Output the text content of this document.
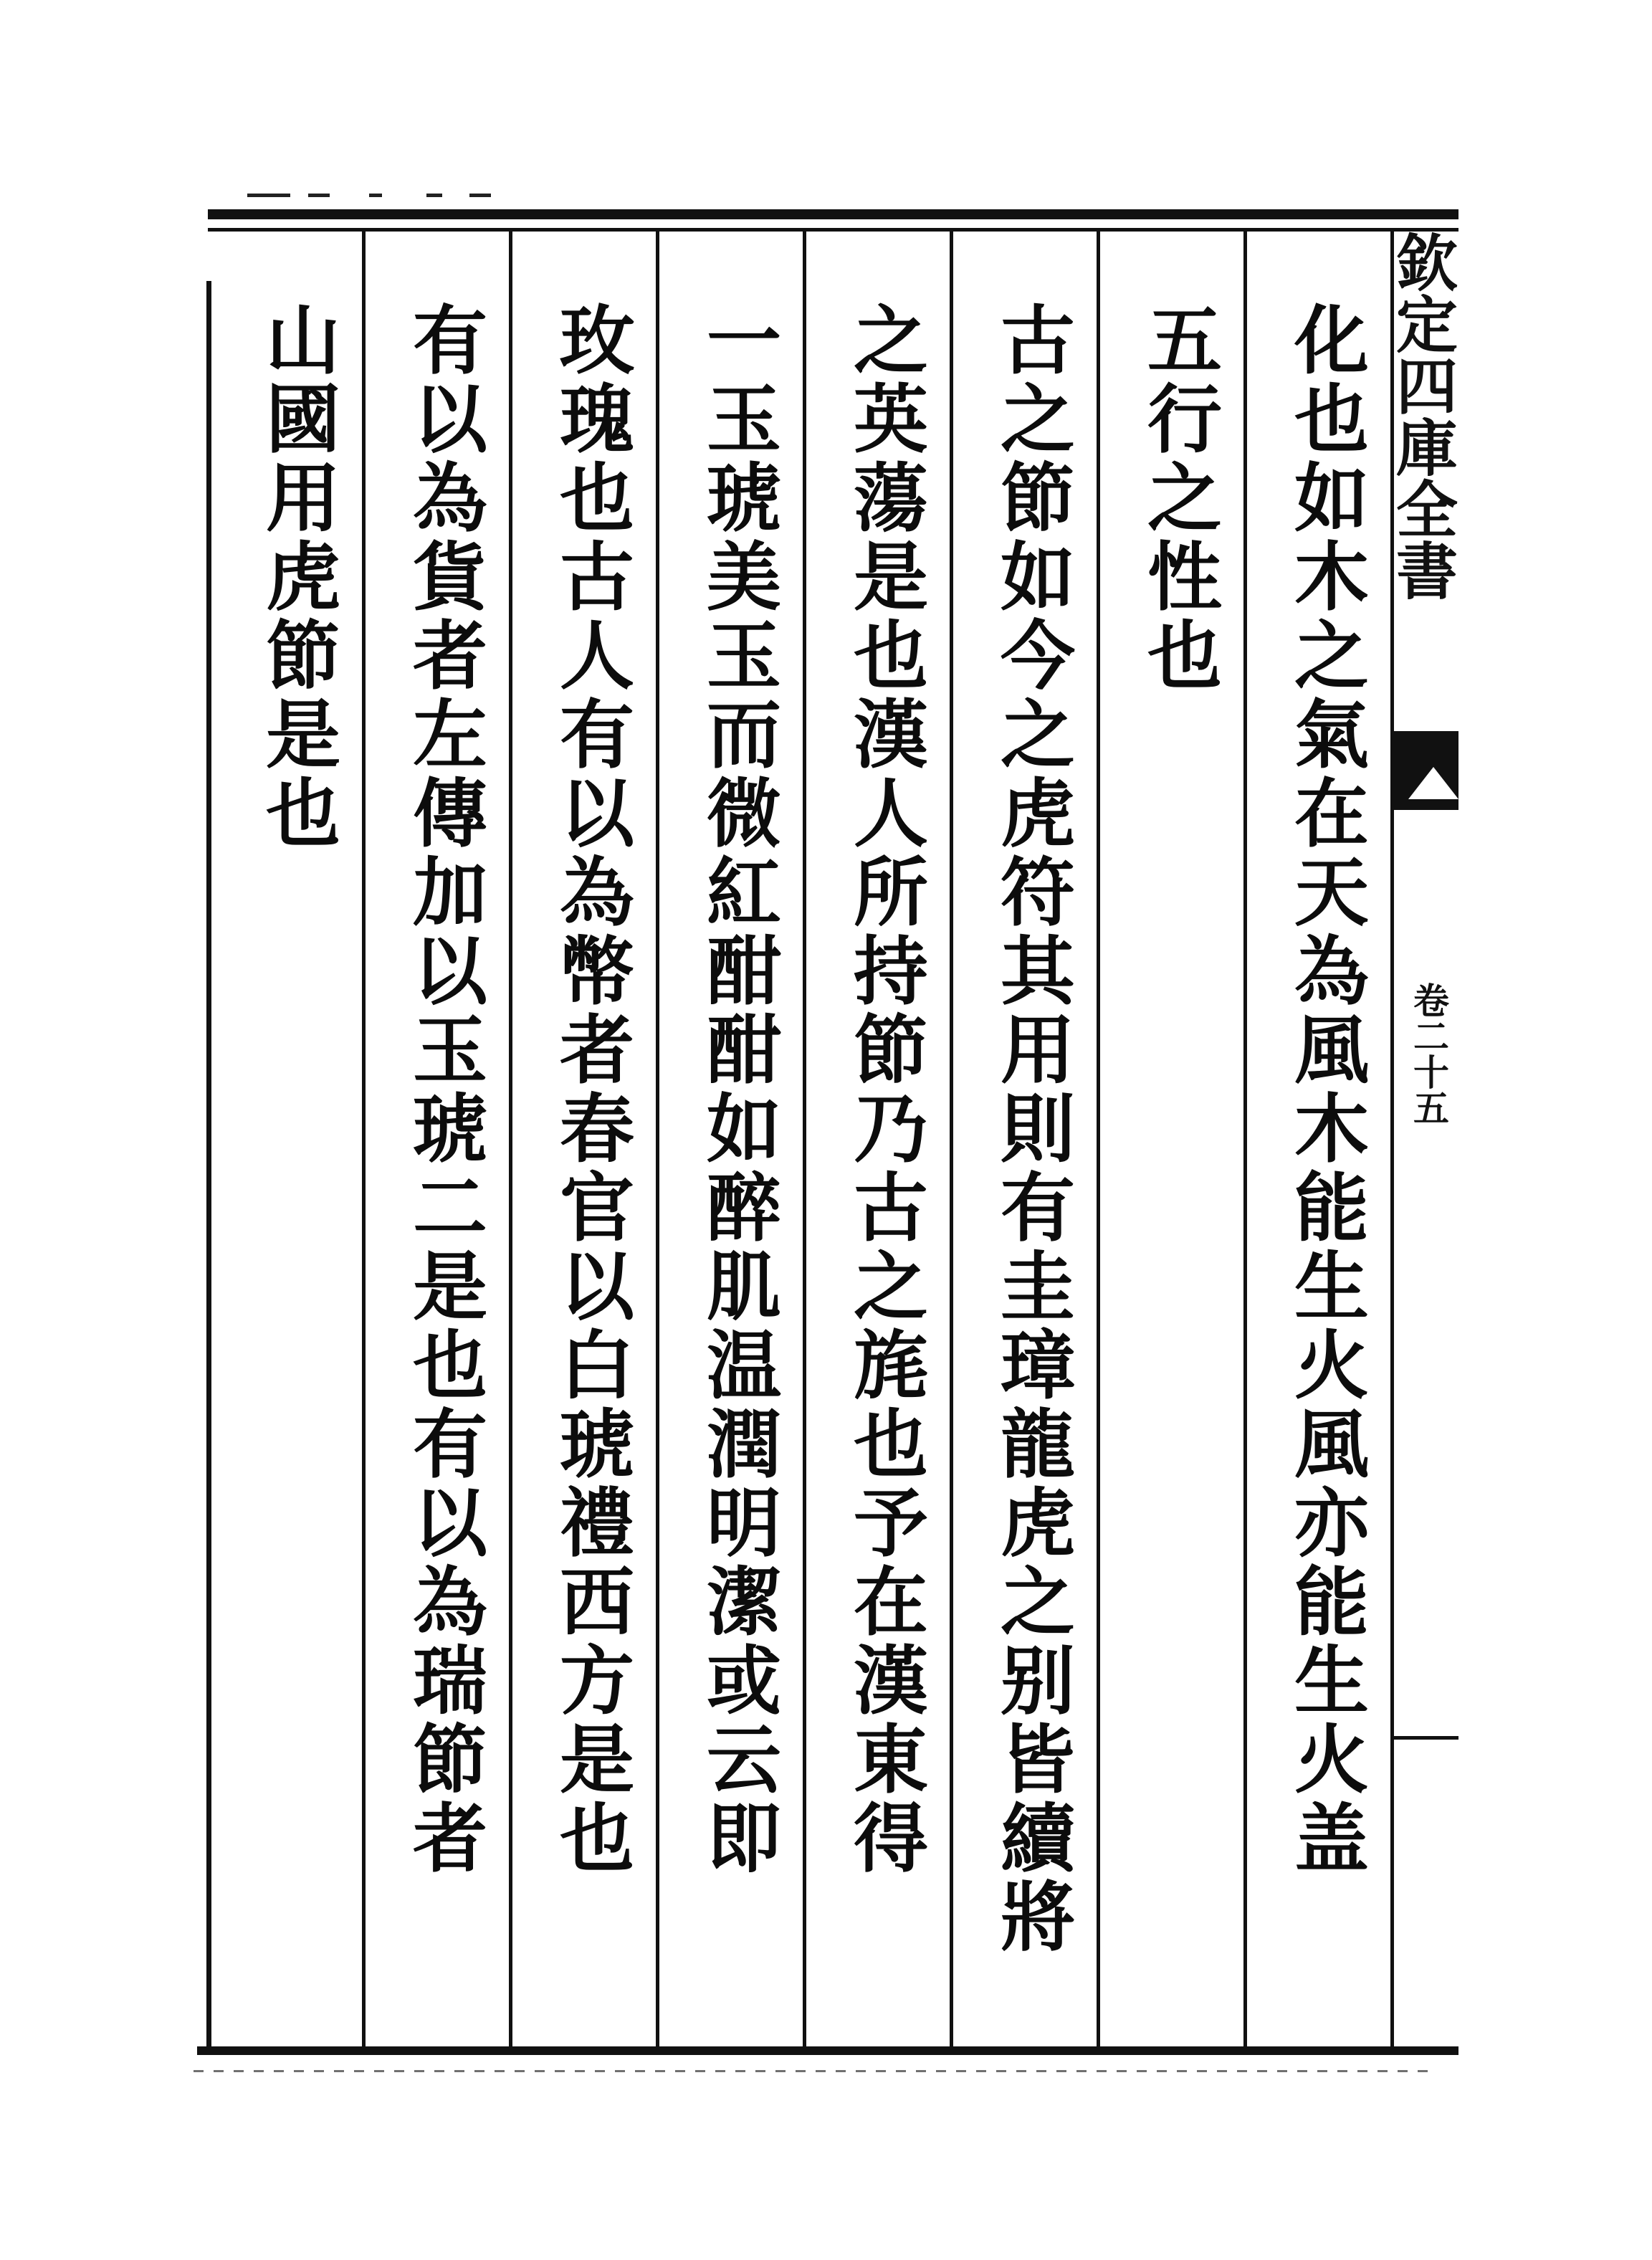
欽定四庫全書
卷二十五
化也如木之氣在天為風木能生火風亦能生火盖
五行之性也
古之節如今之虎符其用則有圭璋龍虎之别皆續將
之英蕩是也漢人所持節乃古之旄也予在漢東得
一玉琥美玉而微紅酣酣如醉肌温潤明潔或云即
玫瑰也古人有以為幣者春官以白琥禮西方是也
有以為貨者左傳加以玉琥二是也有以為瑞節者
山國用虎節是也
